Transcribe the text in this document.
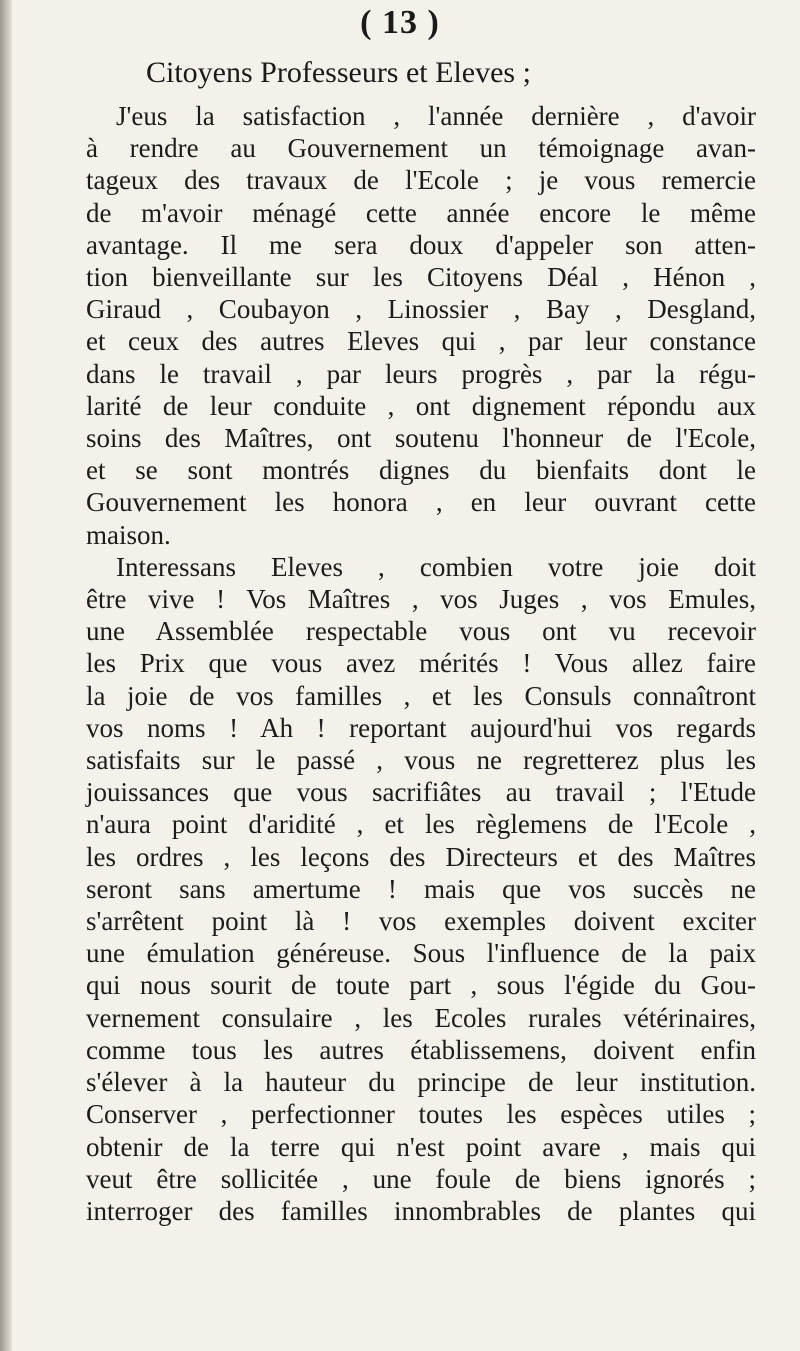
( 13 )
Citoyens Professeurs et Eleves ;
J'eus la satisfaction , l'année dernière , d'avoir
à rendre au Gouvernement un témoignage avan-
tageux des travaux de l'Ecole ; je vous remercie
de m'avoir ménagé cette année encore le même
avantage. Il me sera doux d'appeler son atten-
tion bienveillante sur les Citoyens Déal , Hénon ,
Giraud , Coubayon , Linossier , Bay , Desgland,
et ceux des autres Eleves qui , par leur constance
dans le travail , par leurs progrès , par la régu-
larité de leur conduite , ont dignement répondu aux
soins des Maîtres, ont soutenu l'honneur de l'Ecole,
et se sont montrés dignes du bienfaits dont le
Gouvernement les honora , en leur ouvrant cette
maison.
Interessans Eleves , combien votre joie doit
être vive ! Vos Maîtres , vos Juges , vos Emules,
une Assemblée respectable vous ont vu recevoir
les Prix que vous avez mérités ! Vous allez faire
la joie de vos familles , et les Consuls connaîtront
vos noms ! Ah ! reportant aujourd'hui vos regards
satisfaits sur le passé , vous ne regretterez plus les
jouissances que vous sacrifiâtes au travail ; l'Etude
n'aura point d'aridité , et les règlemens de l'Ecole ,
les ordres , les leçons des Directeurs et des Maîtres
seront sans amertume ! mais que vos succès ne
s'arrêtent point là ! vos exemples doivent exciter
une émulation généreuse. Sous l'influence de la paix
qui nous sourit de toute part , sous l'égide du Gou-
vernement consulaire , les Ecoles rurales vétérinaires,
comme tous les autres établissemens, doivent enfin
s'élever à la hauteur du principe de leur institution.
Conserver , perfectionner toutes les espèces utiles ;
obtenir de la terre qui n'est point avare , mais qui
veut être sollicitée , une foule de biens ignorés ;
interroger des familles innombrables de plantes qui
